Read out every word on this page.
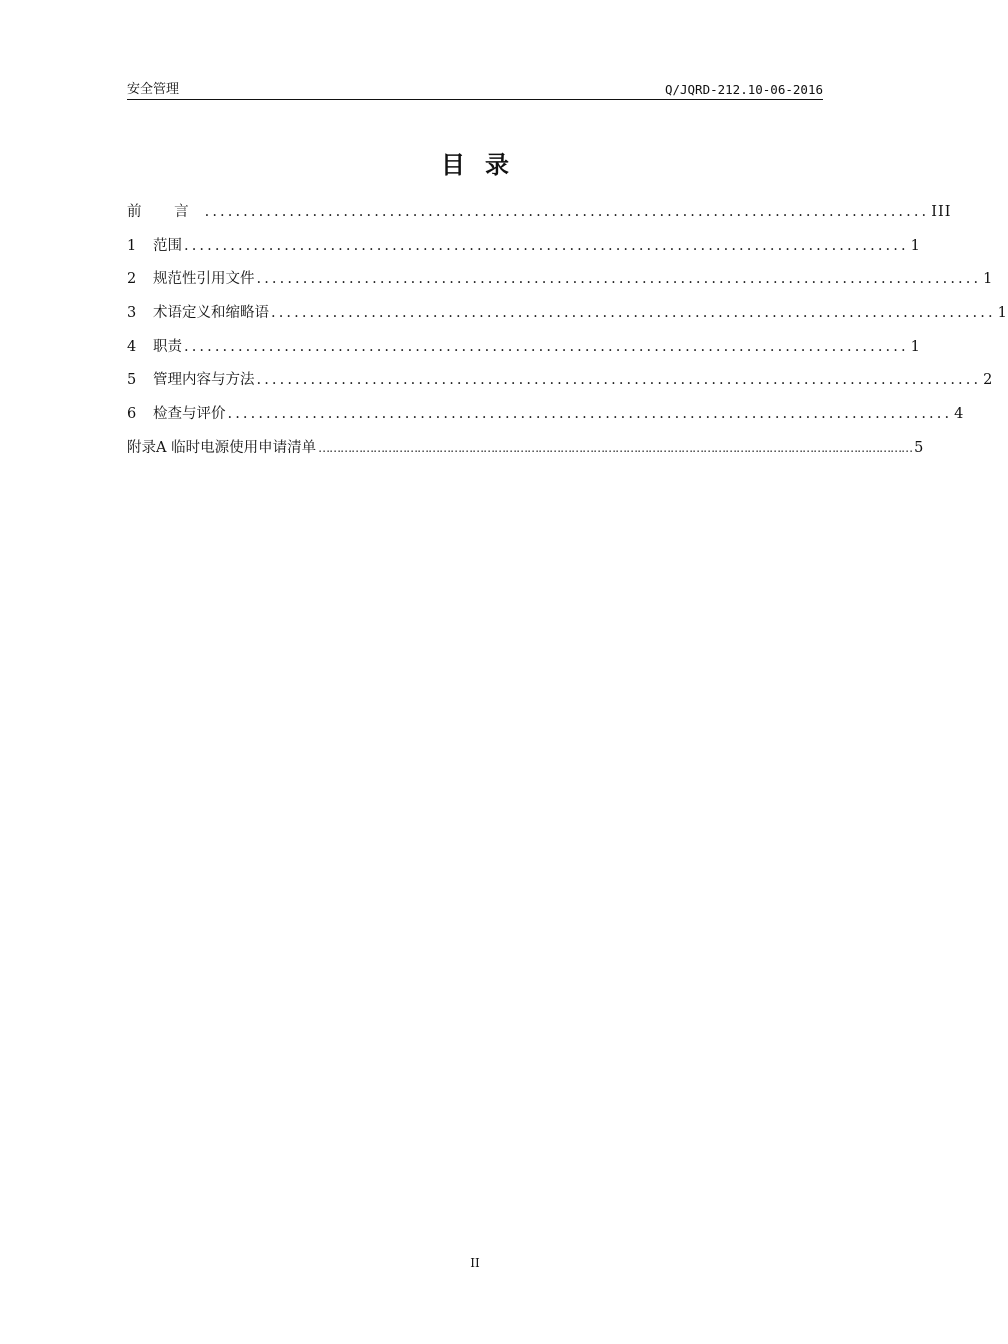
安全管理	Q/JQRD-212.10-06-2016
目录
前 言 .............................................................................................. III
1	范围 .............................................................................................. 1
2	规范性引用文件 .............................................................................................. 1
3	术语定义和缩略语 .............................................................................................. 1
4	职责 .............................................................................................. 1
5	管理内容与方法 .............................................................................................. 2
6	检查与评价 .............................................................................................. 4
附录A 临时电源使用申请清单 ……………………………………………………………………………………………………………………………………………… 5
II
